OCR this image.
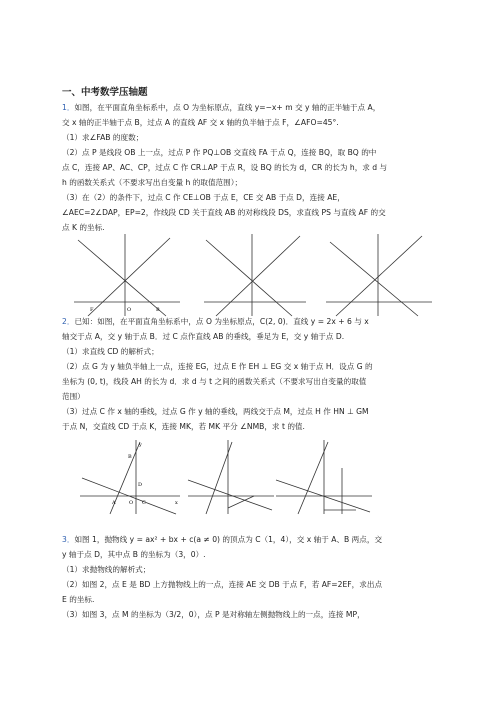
一、中考数学压轴题
1．如图，在平面直角坐标系中，点 O 为坐标原点，直线 y=−x+ m 交 y 轴的正半轴于点 A，
交 x 轴的正半轴于点 B，过点 A 的直线 AF 交 x 轴的负半轴于点 F，∠AFO=45°.
（1）求∠FAB 的度数；
（2）点 P 是线段 OB 上一点，过点 P 作 PQ⊥OB 交直线 FA 于点 Q，连接 BQ，取 BQ 的中
点 C，连接 AP、AC、CP，过点 C 作 CR⊥AP 于点 R，设 BQ 的长为 d，CR 的长为 h，求 d 与
h 的函数关系式（不要求写出自变量 h 的取值范围）；
（3）在（2）的条件下，过点 C 作 CE⊥OB 于点 E，CE 交 AB 于点 D，连接 AE，
∠AEC=2∠DAP，EP=2，作线段 CD 关于直线 AB 的对称线段 DS，求直线 PS 与直线 AF 的交
点 K 的坐标.
F	O	B
2．已知：如图，在平面直角坐标系中，点 O 为坐标原点，C(2, 0)．直线 y = 2x + 6 与 x
轴交于点 A，交 y 轴于点 B．过 C 点作直线 AB 的垂线，垂足为 E，交 y 轴于点 D.
（1）求直线 CD 的解析式；
（2）点 G 为 y 轴负半轴上一点，连接 EG，过点 E 作 EH ⊥ EG 交 x 轴于点 H．设点 G 的
坐标为 (0, t)，线段 AH 的长为 d．求 d 与 t 之间的函数关系式（不要求写出自变量的取值
范围）
（3）过点 C 作 x 轴的垂线，过点 G 作 y 轴的垂线，两线交于点 M，过点 H 作 HN ⊥ GM
于点 N，交直线 CD 于点 K，连接 MK，若 MK 平分 ∠NMB，求 t 的值.
y
B
D
A	O C	x
3．如图 1，抛物线 y = ax² + bx + c(a ≠ 0) 的顶点为 C（1，4），交 x 轴于 A、B 两点，交
y 轴于点 D，其中点 B 的坐标为（3，0）.
（1）求抛物线的解析式；
（2）如图 2，点 E 是 BD 上方抛物线上的一点，连接 AE 交 DB 于点 F，若 AF=2EF，求出点
E 的坐标.
（3）如图 3，点 M 的坐标为（3/2，0），点 P 是对称轴左侧抛物线上的一点，连接 MP，
